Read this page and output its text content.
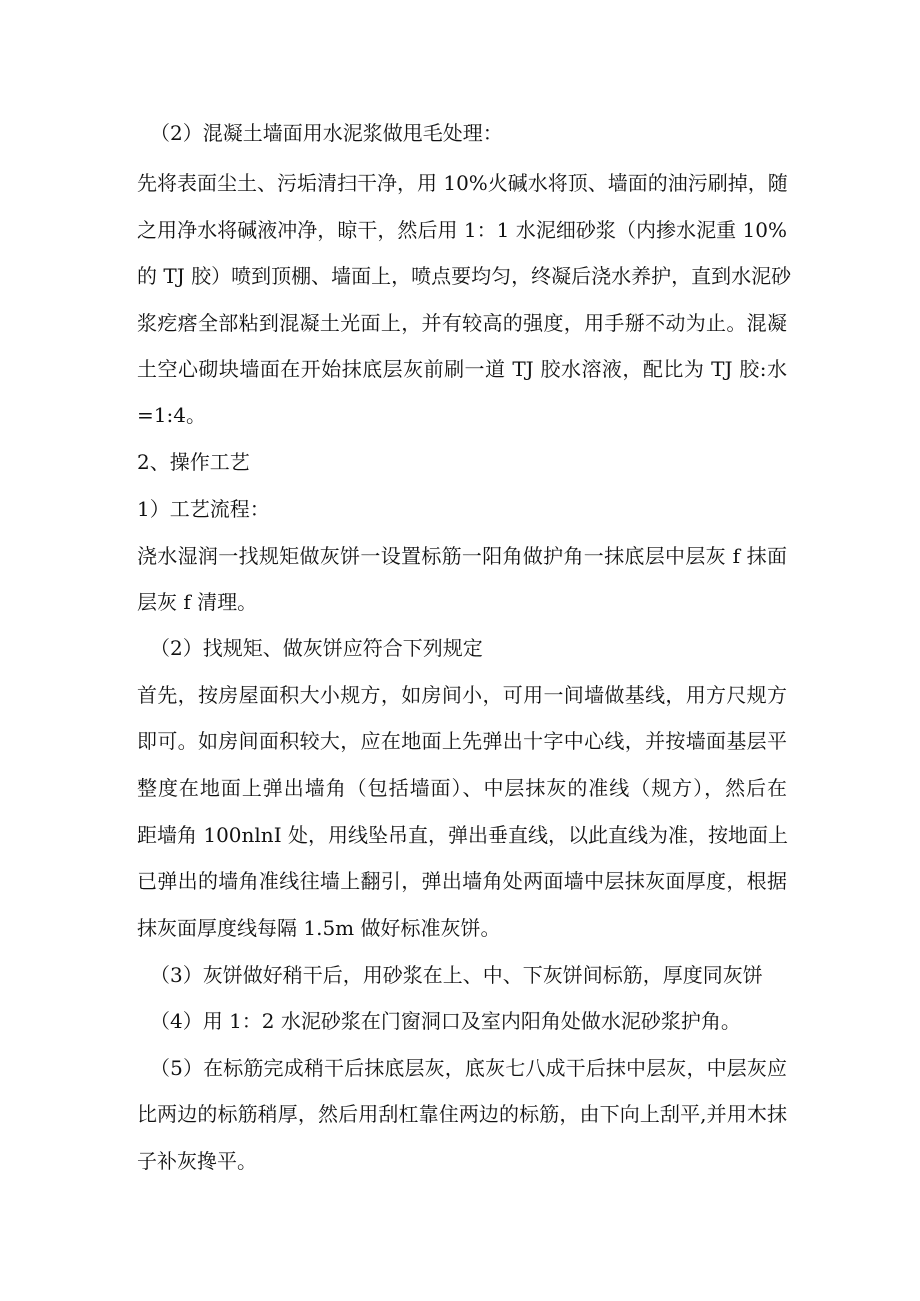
（2）混凝土墙面用水泥浆做甩毛处理：
先将表面尘土、污垢清扫干净，用 10%火碱水将顶、墙面的油污刷掉，随
之用净水将碱液冲净，晾干，然后用 1：1 水泥细砂浆（内掺水泥重 10%
的 TJ 胶）喷到顶棚、墙面上，喷点要均匀，终凝后浇水养护，直到水泥砂
浆疙瘩全部粘到混凝土光面上，并有较高的强度，用手掰不动为止。混凝
土空心砌块墙面在开始抹底层灰前刷一道 TJ 胶水溶液，配比为 TJ 胶:水
=1:4。
2、操作工艺
1）工艺流程：
浇水湿润一找规矩做灰饼一设置标筋一阳角做护角一抹底层中层灰 f 抹面
层灰 f 清理。
（2）找规矩、做灰饼应符合下列规定
首先，按房屋面积大小规方，如房间小，可用一间墙做基线，用方尺规方
即可。如房间面积较大，应在地面上先弹出十字中心线，并按墙面基层平
整度在地面上弹出墙角（包括墙面）、中层抹灰的准线（规方），然后在
距墙角 100nlnI 处，用线坠吊直，弹出垂直线，以此直线为准，按地面上
已弹出的墙角准线往墙上翻引，弹出墙角处两面墙中层抹灰面厚度，根据
抹灰面厚度线每隔 1.5m 做好标准灰饼。
（3）灰饼做好稍干后，用砂浆在上、中、下灰饼间标筋，厚度同灰饼
（4）用 1：2 水泥砂浆在门窗洞口及室内阳角处做水泥砂浆护角。
（5）在标筋完成稍干后抹底层灰，底灰七八成干后抹中层灰，中层灰应
比两边的标筋稍厚，然后用刮杠靠住两边的标筋，由下向上刮平,并用木抹
子补灰搀平。
